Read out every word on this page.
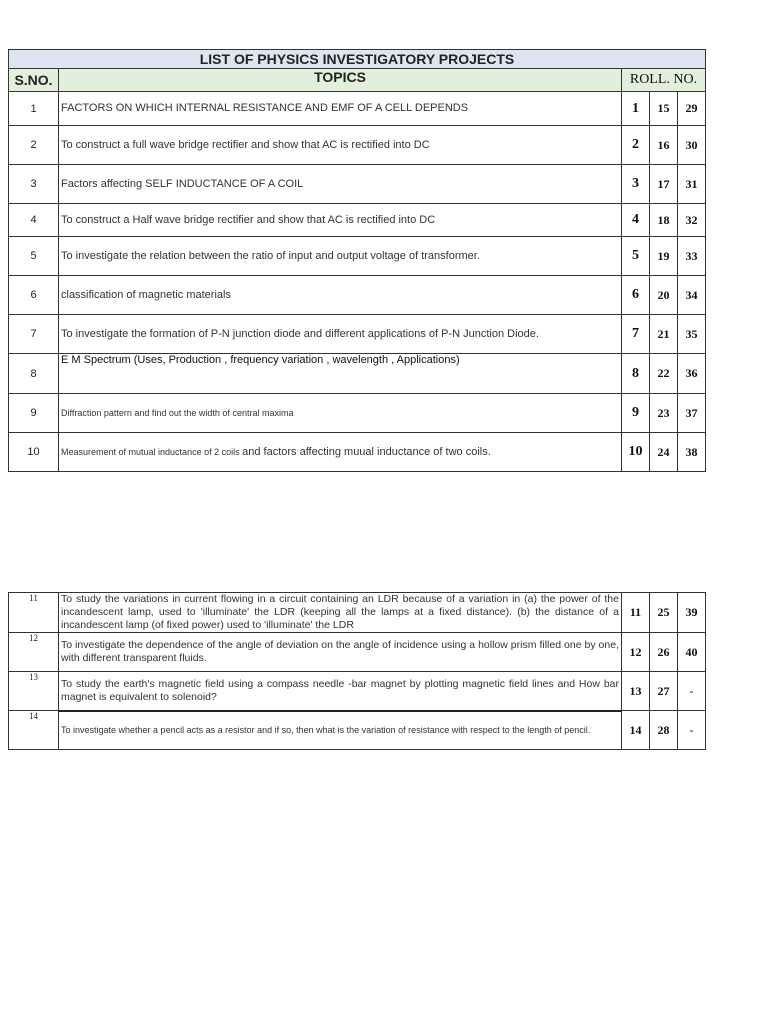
LIST OF PHYSICS INVESTIGATORY PROJECTS				
S.NO.	TOPICS	ROLL. NO.		
1	FACTORS ON WHICH INTERNAL RESISTANCE AND EMF OF A CELL DEPENDS	1	15	29
2	To construct a full wave bridge rectifier and show that AC is rectified into DC	2	16	30
3	Factors affecting SELF INDUCTANCE OF A COIL	3	17	31
4	To construct a Half wave bridge rectifier and show that AC is rectified into DC	4	18	32
5	To investigate the relation between the ratio of input and output voltage of transformer.	5	19	33
6	classification of magnetic materials	6	20	34
7	To investigate the formation of P-N junction diode and different applications of P-N Junction Diode.	7	21	35
8	E M Spectrum (Uses, Production , frequency variation , wavelength , Applications)	8	22	36
9	Diffraction pattern and find out the width of central maxima	9	23	37
10	Measurement of mutual inductance of 2 coils and factors affecting muual inductance of two coils.	10	24	38
11	To study the variations in current flowing in a circuit containing an LDR because of a variation in (a) the power of the incandescent lamp, used to 'illuminate' the LDR (keeping all the lamps at a fixed distance). (b) the distance of a incandescent lamp (of fixed power) used to 'illuminate' the LDR	11	25	39
12	To investigate the dependence of the angle of deviation on the angle of incidence using a hollow prism filled one by one, with different transparent fluids.	12	26	40
13	To study the earth's magnetic field using a compass needle -bar magnet by plotting magnetic field lines and How bar magnet is equivalent to solenoid?	13	27	-
14	To investigate whether a pencil acts as a resistor and if so, then what is the variation of resistance with respect to the length of pencil.	14	28	-
